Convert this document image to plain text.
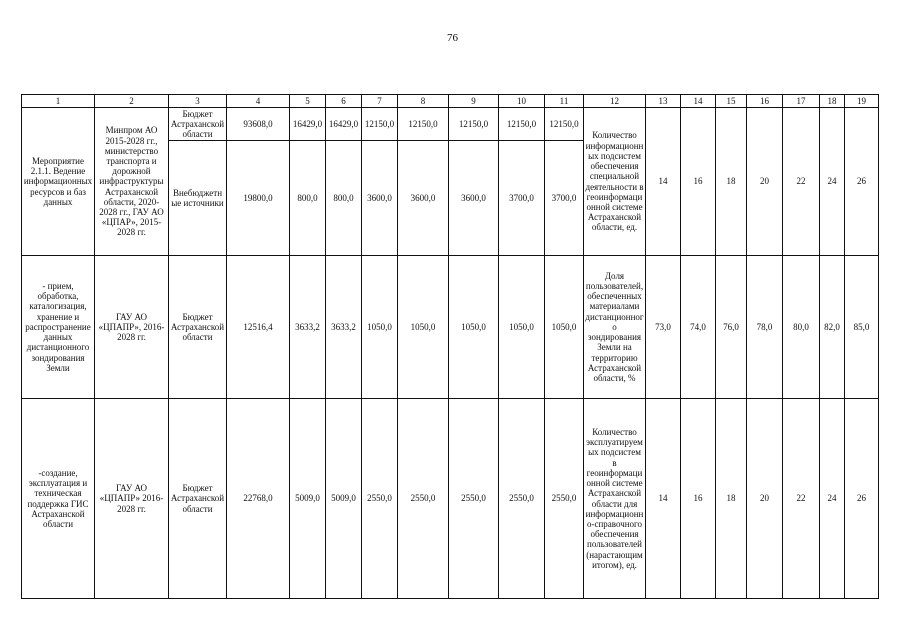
76
1	2	3	4	5	6	7	8	9	10	11	12	13	14	15	16	17	18	19
Мероприятие 2.1.1. Ведение информационных ресурсов и баз данных	Минпром АО 2015-2028 гг., министерство транспорта и дорожной инфраструктуры Астраханской области, 2020-2028 гг., ГАУ АО «ЦПАР», 2015-2028 гг.	Бюджет Астраханской области	93608,0	16429,0	16429,0	12150,0	12150,0	12150,0	12150,0	12150,0	Количество информационных подсистем обеспечения специальной деятельности в геоинформационной системе Астраханской области, ед.	14	16	18	20	22	24	26
		Внебюджетные источники	19800,0	800,0	800,0	3600,0	3600,0	3600,0	3700,0	3700,0								
- прием, обработка, каталогизация, хранение и распространение данных дистанционного зондирования Земли	ГАУ АО «ЦПАПР», 2016-2028 гг.	Бюджет Астраханской области	12516,4	3633,2	3633,2	1050,0	1050,0	1050,0	1050,0	1050,0	Доля пользователей, обеспеченных материалами дистанционного зондирования Земли на территорию Астраханской области, %	73,0	74,0	76,0	78,0	80,0	82,0	85,0
-создание, эксплуатация и техническая поддержка ГИС Астраханской области	ГАУ АО «ЦПАПР» 2016-2028 гг.	Бюджет Астраханской области	22768,0	5009,0	5009,0	2550,0	2550,0	2550,0	2550,0	2550,0	Количество эксплуатируемых подсистем в геоинформационной системе Астраханской области для информационно-справочного обеспечения пользователей (нарастающим итогом), ед.	14	16	18	20	22	24	26
